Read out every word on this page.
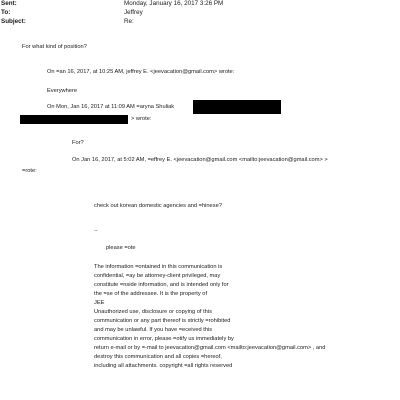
Sent:	Monday, January 16, 2017 3:26 PM
To:	Jeffrey
Subject:	Re:
For what kind of position?
On =an 16, 2017, at 10:25 AM, jeffrey E. <jeevacation@gmail.com> wrote:
Everywhere
On Mon, Jan 16, 2017 at 11:09 AM =aryna Shuliak
> wrote:
For?
On Jan 16, 2017, at 5:02 AM, =effrey E. <jeevacation@gmail.com <mailto:jeevacation@gmail.com> >
=rote:
check out korean domestic agencies and =hinese?
--
please =ote
The information =ontained in this communication is
confidential, =ay be attorney-client privileged, may
constitute =nside information, and is intended only for
the =se of the addressee. It is the property of
JEE
Unauthorized use, disclosure or copying of this
communication or any part thereof is strictly =rohibited
and may be unlawful. If you have =eceived this
communication in error, please =otify us immediately by
return e-mail or by =-mail to jeevacation@gmail.com <mailto:jeevacation@gmail.com> , and
destroy this communication and all copies =hereof,
including all attachments. copyright =all rights reserved
